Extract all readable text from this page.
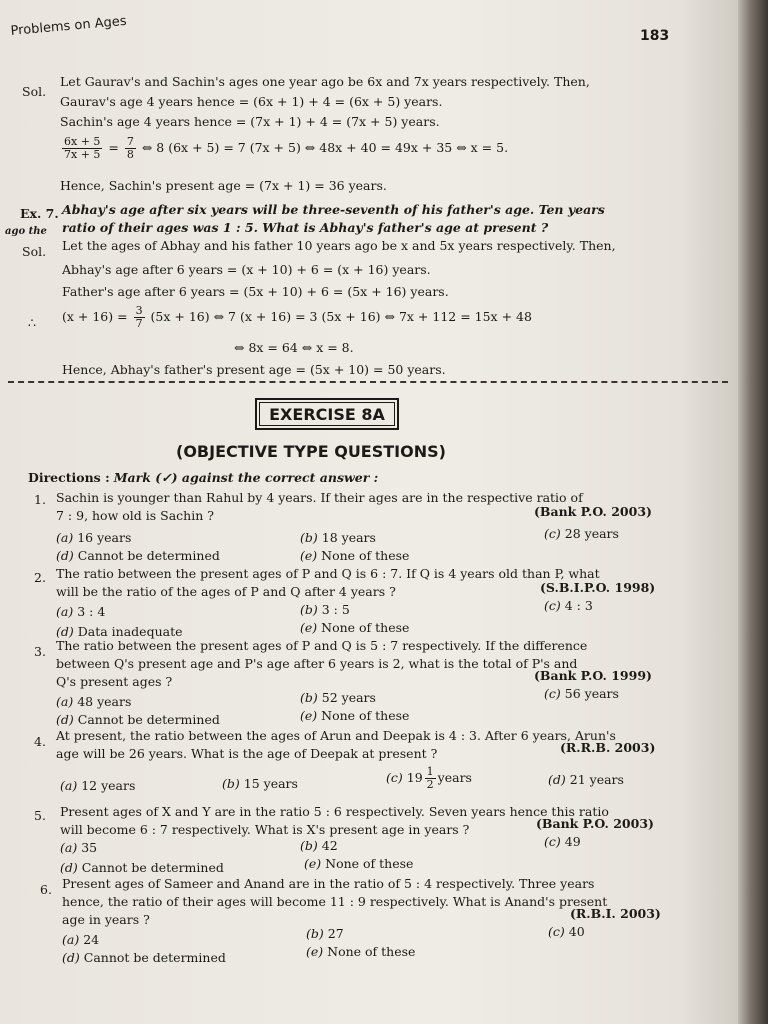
Problems on Ages	183
Sol.
Let Gaurav's and Sachin's ages one year ago be 6x and 7x years respectively. Then,
Gaurav's age 4 years hence = (6x + 1) + 4 = (6x + 5) years.
Sachin's age 4 years hence = (7x + 1) + 4 = (7x + 5) years.
$\frac{6x + 5}{7x + 5} = \frac{7}{8}$ ⇔ 8 (6x + 5) = 7 (7x + 5) ⇔ 48x + 40 = 49x + 35 ⇔ x = 5.
Hence, Sachin's present age = (7x + 1) = 36 years.
Ex. 7.
ago the
Abhay's age after six years will be three-seventh of his father's age. Ten years
ratio of their ages was 1 : 5. What is Abhay's father's age at present ?
Sol. Let the ages of Abhay and his father 10 years ago be x and 5x years respectively. Then,
Abhay's age after 6 years = (x + 10) + 6 = (x + 16) years.
Father's age after 6 years = (5x + 10) + 6 = (5x + 16) years.
∴ $(x + 16) = \frac{3}{7} (5x + 16)$ ⇔ 7 (x + 16) = 3 (5x + 16) ⇔ 7x + 112 = 15x + 48
⇔ 8x = 64 ⇔ x = 8.
Hence, Abhay's father's present age = (5x + 10) = 50 years.
EXERCISE 8A
(OBJECTIVE TYPE QUESTIONS)
Directions : Mark (✓) against the correct answer :
1. Sachin is younger than Rahul by 4 years. If their ages are in the respective ratio of
7 : 9, how old is Sachin ?	(Bank P.O. 2003)
(a) 16 years	(b) 18 years	(c) 28 years
(d) Cannot be determined	(e) None of these
2. The ratio between the present ages of P and Q is 6 : 7. If Q is 4 years old than P, what
will be the ratio of the ages of P and Q after 4 years ?	(S.B.I.P.O. 1998)
(a) 3 : 4	(b) 3 : 5	(c) 4 : 3
(d) Data inadequate	(e) None of these
3. The ratio between the present ages of P and Q is 5 : 7 respectively. If the difference
between Q's present age and P's age after 6 years is 2, what is the total of P's and
Q's present ages ?	(Bank P.O. 1999)
(a) 48 years	(b) 52 years	(c) 56 years
(d) Cannot be determined	(e) None of these
4. At present, the ratio between the ages of Arun and Deepak is 4 : 3. After 6 years, Arun's
age will be 26 years. What is the age of Deepak at present ?	(R.R.B. 2003)
(a) 12 years	(b) 15 years	(c) $19 \frac{1}{2}$ years	(d) 21 years
5. Present ages of X and Y are in the ratio 5 : 6 respectively. Seven years hence this ratio
will become 6 : 7 respectively. What is X's present age in years ?	(Bank P.O. 2003)
(a) 35	(b) 42	(c) 49
(d) Cannot be determined	(e) None of these
6. Present ages of Sameer and Anand are in the ratio of 5 : 4 respectively. Three years
hence, the ratio of their ages will become 11 : 9 respectively. What is Anand's present
age in years ?	(R.B.I. 2003)
(a) 24	(b) 27	(c) 40
(d) Cannot be determined	(e) None of these
